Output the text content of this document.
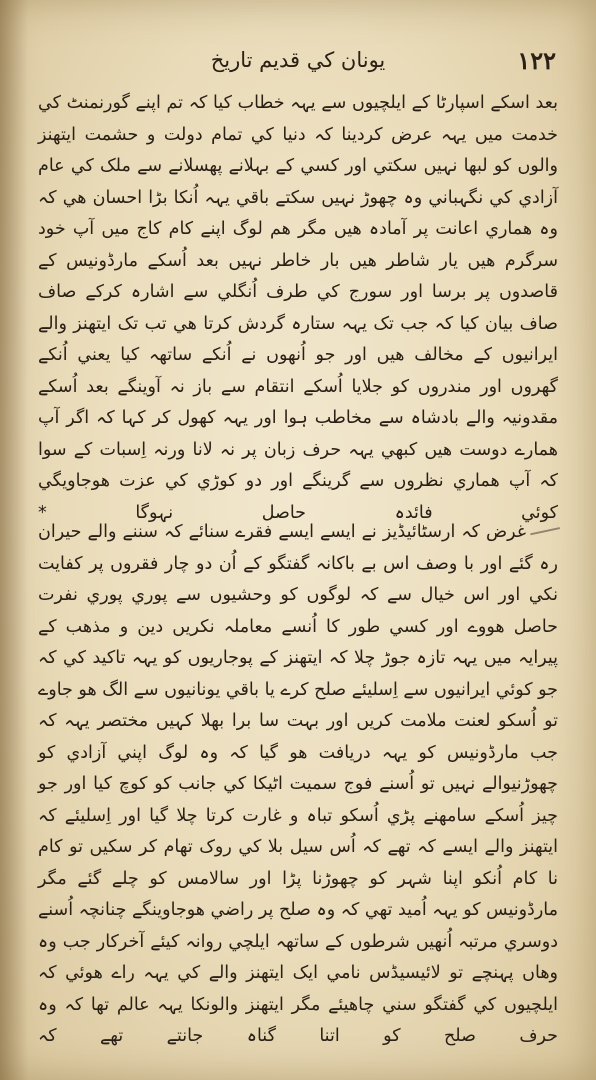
۱۲۲
یونان کي قدیم تاریخ

بعد اسکے اسپارٹا کے ایلچیوں سے یہہ خطاب کیا کہ تم اپنے گورنمنٹ کي خدمت میں یہہ عرض کردینا کہ دنیا کي تمام دولت و حشمت ایتھنز والوں کو لبھا نہیں سکتي اور کسي کے بہلانے پھسلانے سے ملک کي عام آزادي کي نگہباني وہ چھوڑ نہیں سکتے باقي یہہ اُنکا بڑا احسان هي کہ وہ هماري اعانت پر آمادہ هیں مگر هم لوگ اپنے کام کاج میں آپ خود سرگرم هیں یار شاطر هیں بار خاطر نہیں بعد اُسکے مارڈونیس کے قاصدوں پر برسا اور سورج کي طرف اُنگلي سے اشارہ کرکے صاف صاف بیان کیا کہ جب تک یہہ ستارہ گردش کرتا هي تب تک ایتھنز والے ایرانیوں کے مخالف هیں اور جو اُنھوں نے اُنکے ساتھہ کیا یعني اُنکے گھروں اور مندروں کو جلایا اُسکے انتقام سے باز نہ آوینگے بعد اُسکے مقدونیہ والے بادشاہ سے مخاطب ہوا اور یہہ کھول کر کہا کہ اگر آپ همارے دوست هیں کبھي یہہ حرف زبان پر نہ لانا ورنہ اِسبات کے سوا کہ آپ هماري نظروں سے گرینگے اور دو کوڑي کي عزت هوجاویگي کوئي فائدہ حاصل نہوگا *

غرض کہ ارسٹائیڈیز نے ایسے ایسے فقرے سنائے کہ سننے والے حیران رہ گئے اور با وصف اس بے باکانہ گفتگو کے اُن دو چار فقروں پر کفایت نکي اور اس خیال سے کہ لوگوں کو وحشیوں سے پوري پوري نفرت حاصل هووے اور کسي طور کا اُنسے معاملہ نکریں دین و مذهب کے پیرایہ میں یہہ تازہ جوڑ چلا کہ ایتھنز کے پوجاریوں کو یہہ تاکید کي کہ جو کوئي ایرانیوں سے اِسلیئے صلح کرے یا باقي یونانیوں سے الگ هو جاوے تو اُسکو لعنت ملامت کریں اور بہت سا برا بھلا کہیں مختصر یہہ کہ جب مارڈونیس کو یہہ دریافت هو گیا کہ وہ لوگ اپني آزادي کو چھوڑنیوالے نہیں تو اُسنے فوج سمیت اٹیکا کي جانب کو کوچ کیا اور جو چیز اُسکے سامھنے پڑي اُسکو تباہ و غارت کرتا چلا گیا اور اِسلیئے کہ ایتھنز والے ایسے کہ تھے کہ اُس سیل بلا کي روک تھام کر سکیں تو کام نا کام اُنکو اپنا شہر کو چھوڑنا پڑا اور سالامس کو چلے گئے مگر مارڈونیس کو یہہ اُمید تھي کہ وہ صلح پر راضي هوجاوینگے چنانچہ اُسنے دوسري مرتبہ اُنھیں شرطوں کے ساتھہ ایلچي روانہ کیئے آخرکار جب وہ وهاں پہنچے تو لائیسیڈس نامي ایک ایتھنز والے کي یہہ راے هوئي کہ ایلچیوں کي گفتگو سني چاهیئے مگر ایتھنز والونکا یہہ عالم تھا کہ وہ حرف صلح کو اتنا گناہ جانتے تھے کہ
